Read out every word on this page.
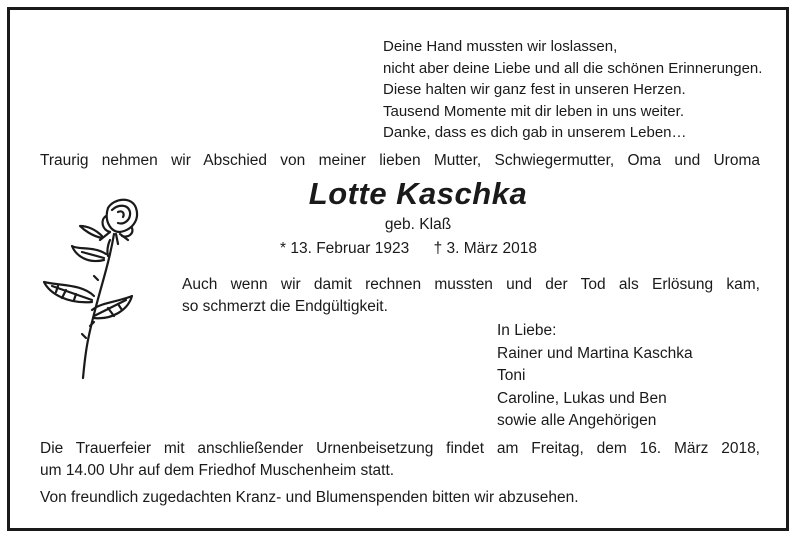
Deine Hand mussten wir loslassen,
nicht aber deine Liebe und all die schönen Erinnerungen.
Diese halten wir ganz fest in unseren Herzen.
Tausend Momente mit dir leben in uns weiter.
Danke, dass es dich gab in unserem Leben…
Traurig nehmen wir Abschied von meiner lieben Mutter, Schwiegermutter, Oma und Uroma
Lotte Kaschka
geb. Klaß
* 13. Februar 1923 † 3. März 2018
Auch wenn wir damit rechnen mussten und der Tod als Erlösung kam,
so schmerzt die Endgültigkeit.
In Liebe:
Rainer und Martina Kaschka
Toni
Caroline, Lukas und Ben
sowie alle Angehörigen
Die Trauerfeier mit anschließender Urnenbeisetzung findet am Freitag, dem 16. März 2018,
um 14.00 Uhr auf dem Friedhof Muschenheim statt.
Von freundlich zugedachten Kranz- und Blumenspenden bitten wir abzusehen.
